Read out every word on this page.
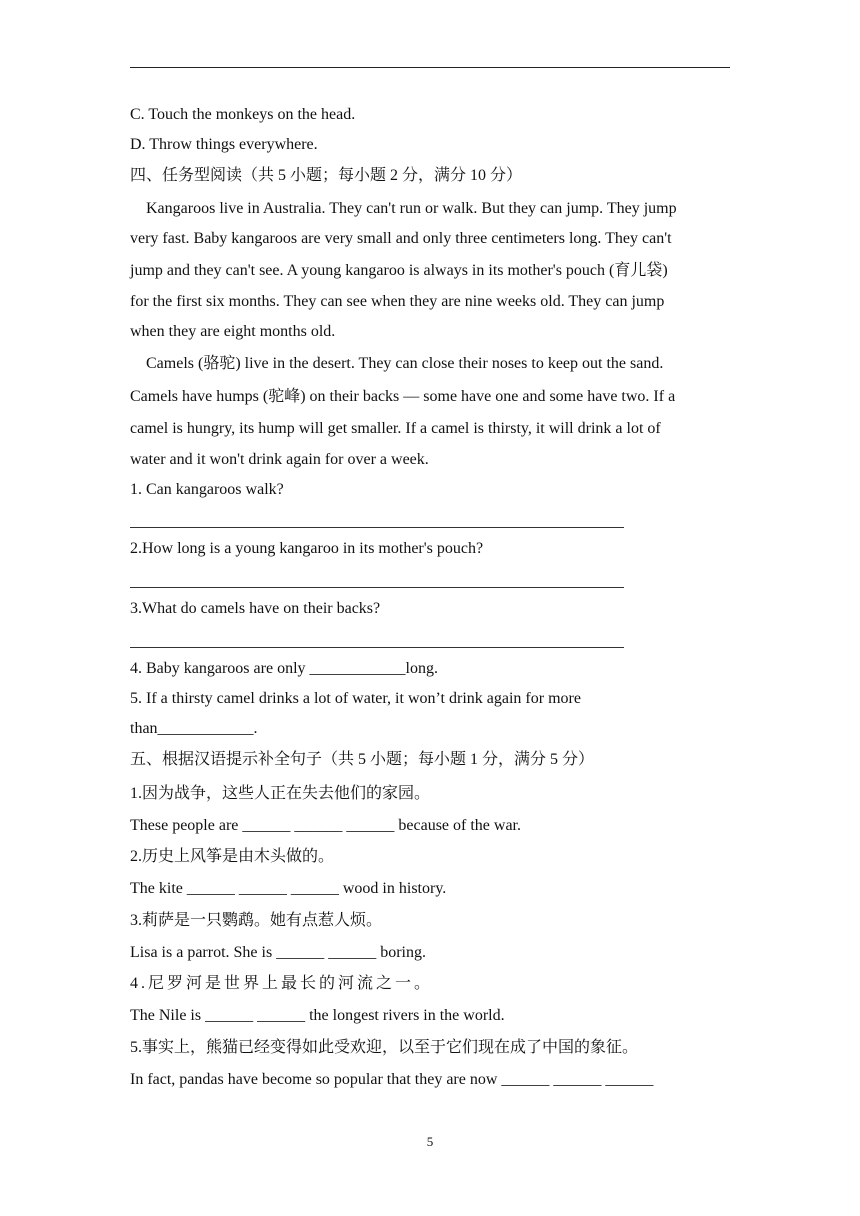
C. Touch the monkeys on the head.
D. Throw things everywhere.
四、任务型阅读（共 5 小题；每小题 2 分，满分 10 分）
Kangaroos live in Australia. They can't run or walk. But they can jump. They jump
very fast. Baby kangaroos are very small and only three centimeters long. They can't
jump and they can't see. A young kangaroo is always in its mother's pouch (育儿袋)
for the first six months. They can see when they are nine weeks old. They can jump
when they are eight months old.
Camels (骆驼) live in the desert. They can close their noses to keep out the sand.
Camels have humps (驼峰) on their backs — some have one and some have two. If a
camel is hungry, its hump will get smaller. If a camel is thirsty, it will drink a lot of
water and it won't drink again for over a week.
1. Can kangaroos walk?
2.How long is a young kangaroo in its mother's pouch?
3.What do camels have on their backs?
4. Baby kangaroos are only ____________long.
5. If a thirsty camel drinks a lot of water, it won’t drink again for more
than____________.
五、根据汉语提示补全句子（共 5 小题；每小题 1 分，满分 5 分）
1.因为战争，这些人正在失去他们的家园。
These people are ______ ______ ______ because of the war.
2.历史上风筝是由木头做的。
The kite ______ ______ ______ wood in history.
3.莉萨是一只鹦鹉。她有点惹人烦。
Lisa is a parrot. She is ______ ______ boring.
4.尼罗河是世界上最长的河流之一。
The Nile is ______ ______ the longest rivers in the world.
5.事实上，熊猫已经变得如此受欢迎，以至于它们现在成了中国的象征。
In fact, pandas have become so popular that they are now ______ ______ ______
5
